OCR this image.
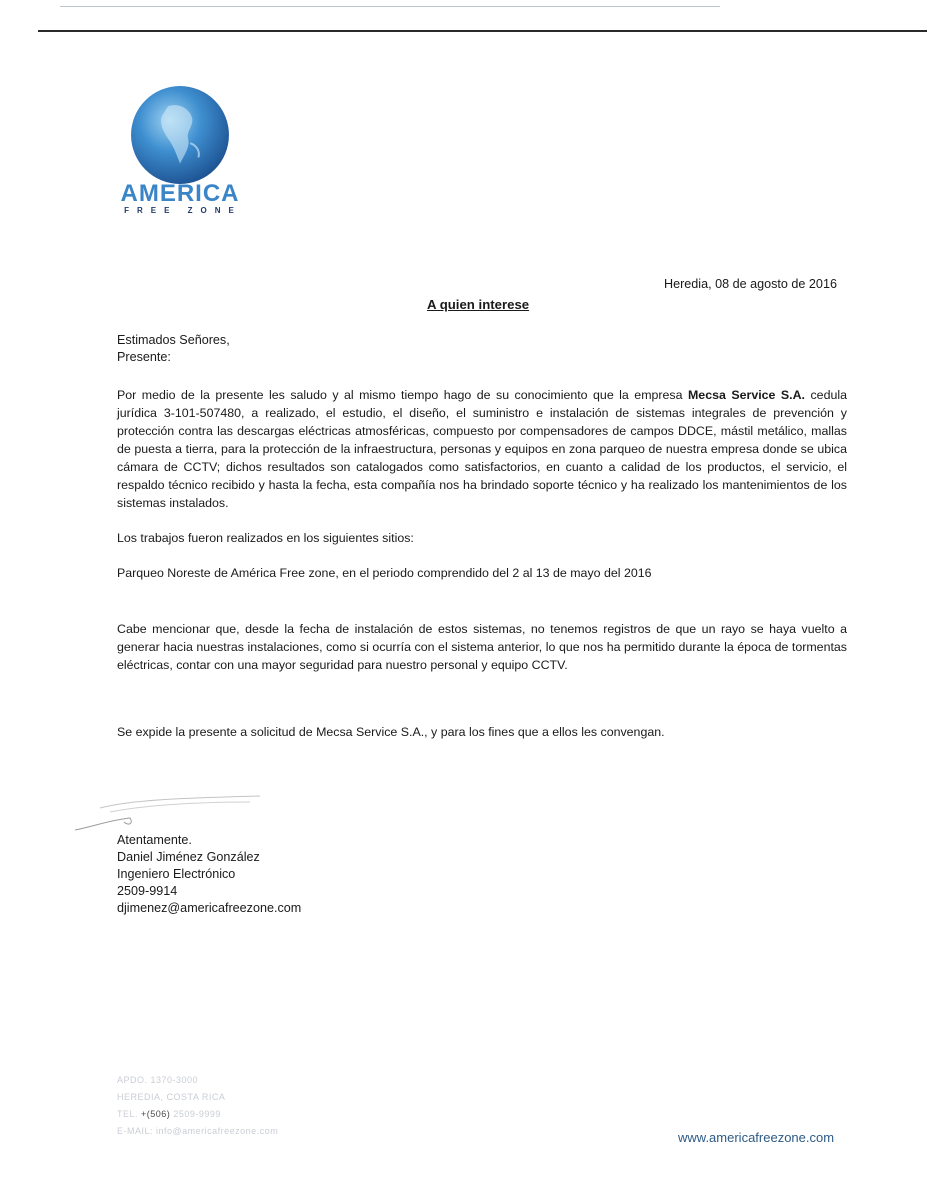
AMERICA
FREE ZONE
Heredia, 08 de agosto de 2016
A quien interese

Estimados Señores,

Presente:

Por medio de la presente les saludo y al mismo tiempo hago de su conocimiento que la empresa Mecsa Service S.A. cedula jurídica 3-101-507480, a realizado, el estudio, el diseño, el suministro e instalación de sistemas integrales de prevención y protección contra las descargas eléctricas atmosféricas, compuesto por compensadores de campos DDCE, mástil metálico, mallas de puesta a tierra, para la protección de la infraestructura, personas y equipos en zona parqueo de nuestra empresa donde se ubica cámara de CCTV; dichos resultados son catalogados como satisfactorios, en cuanto a calidad de los productos, el servicio, el respaldo técnico recibido y hasta la fecha, esta compañía nos ha brindado soporte técnico y ha realizado los mantenimientos de los sistemas instalados.
Los trabajos fueron realizados en los siguientes sitios:
Parqueo Noreste de América Free zone, en el periodo comprendido del 2 al 13 de mayo del 2016
Cabe mencionar que, desde la fecha de instalación de estos sistemas, no tenemos registros de que un rayo se haya vuelto a generar hacia nuestras instalaciones, como si ocurría con el sistema anterior, lo que nos ha permitido durante la época de tormentas eléctricas, contar con una mayor seguridad para nuestro personal y equipo CCTV.
Se expide la presente a solicitud de Mecsa Service S.A., y para los fines que a ellos les convengan.

Atentamente.

Daniel Jiménez González

Ingeniero Electrónico

2509-9914

djimenez@americafreezone.com

APDO. 1370-3000
HEREDIA, COSTA RICA
TEL. +(506) 2509-9999
E-MAIL: info@americafreezone.com	www.americafreezone.com
